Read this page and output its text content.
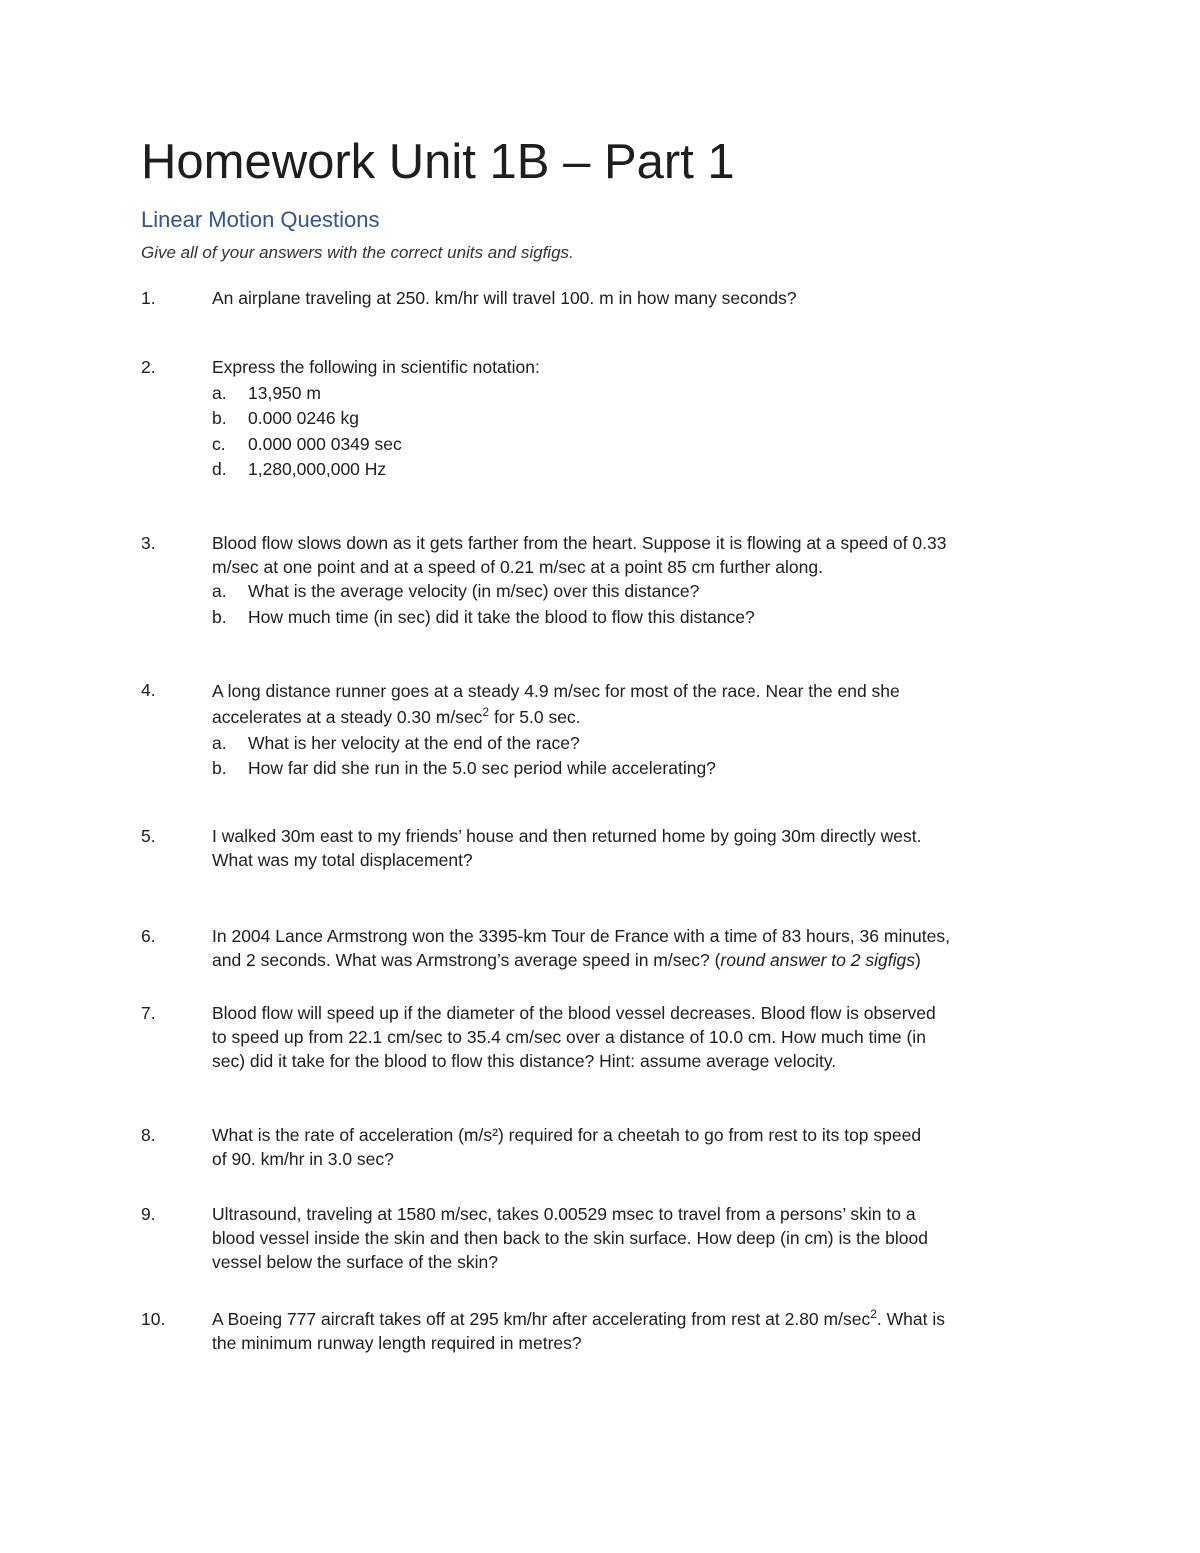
Homework Unit 1B – Part 1
Linear Motion Questions
Give all of your answers with the correct units and sigfigs.
1.	An airplane traveling at 250. km/hr will travel 100. m in how many seconds?

2.	Express the following in scientific notation:

a.	13,950 m
b.	0.000 0246 kg
c.	0.000 000 0349 sec
d.	1,280,000,000 Hz
3.	Blood flow slows down as it gets farther from the heart. Suppose it is flowing at a speed of 0.33

m/sec at one point and at a speed of 0.21 m/sec at a point 85 cm further along.

a.	What is the average velocity (in m/sec) over this distance?
b.	How much time (in sec) did it take the blood to flow this distance?
4.	A long distance runner goes at a steady 4.9 m/sec for most of the race. Near the end she

accelerates at a steady 0.30 $m/\sec^2$ for 5.0 sec.

a.	What is her velocity at the end of the race?
b.	How far did she run in the 5.0 sec period while accelerating?
5.	I walked 30m east to my friends’ house and then returned home by going 30m directly west.

What was my total displacement?

6.	In 2004 Lance Armstrong won the 3395-km Tour de France with a time of 83 hours, 36 minutes,

and 2 seconds. What was Armstrong’s average speed in m/sec? (round answer to 2 sigfigs)

7.	Blood flow will speed up if the diameter of the blood vessel decreases. Blood flow is observed

to speed up from 22.1 cm/sec to 35.4 cm/sec over a distance of 10.0 cm. How much time (in

sec) did it take for the blood to flow this distance? Hint: assume average velocity.

8.	What is the rate of acceleration (m/s²) required for a cheetah to go from rest to its top speed

of 90. km/hr in 3.0 sec?

9.	Ultrasound, traveling at 1580 m/sec, takes 0.00529 msec to travel from a persons’ skin to a

blood vessel inside the skin and then back to the skin surface. How deep (in cm) is the blood

vessel below the surface of the skin?

10.	A Boeing 777 aircraft takes off at 295 km/hr after accelerating from rest at 2.80 $m/\sec^2$. What is

the minimum runway length required in metres?
